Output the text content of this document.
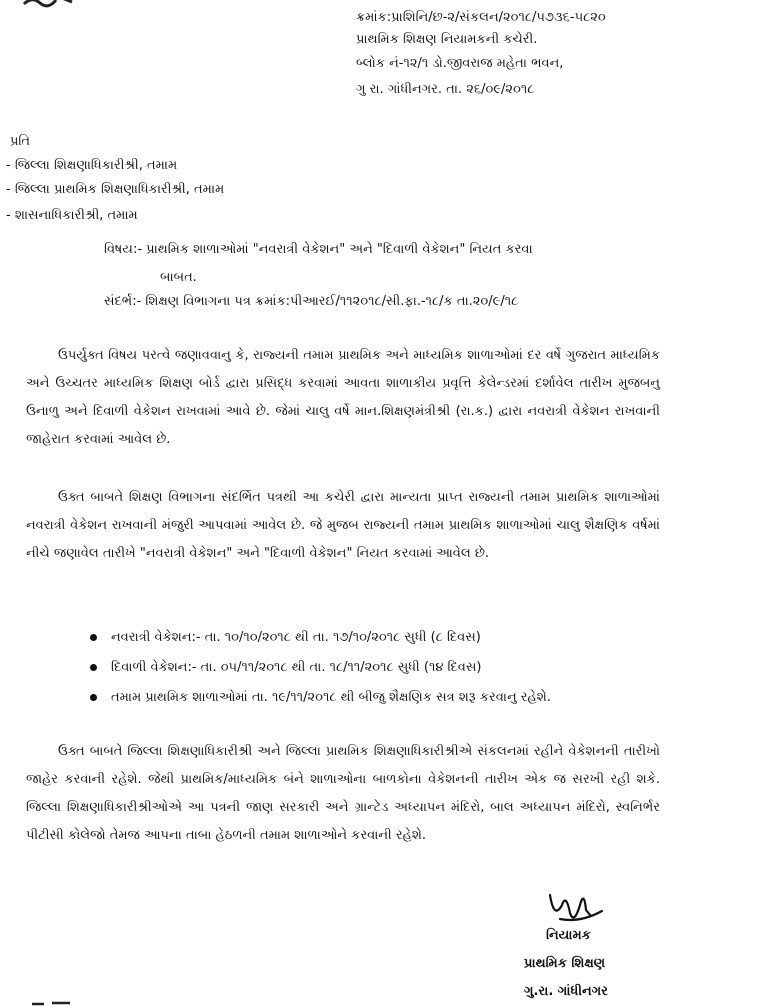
ક્રમાંક:પ્રાશિનિ/છ-૨/સંકલન/૨૦૧૮/૫૭૩૬-૫૮૨૦
પ્રાથમિક શિક્ષણ નિયામકની કચેરી.
બ્લોક નં-૧૨/૧ ડો.જીવરાજ મહેતા ભવન,
ગુ રા. ગાંધીનગર. તા. ૨૬/૦૯/૨૦૧૮
પ્રતિ
- જિલ્લા શિક્ષણાધિકારીશ્રી, તમામ
- જિલ્લા પ્રાથમિક શિક્ષણાધિકારીશ્રી, તમામ
- શાસનાધિકારીશ્રી, તમામ
વિષય:- પ્રાથમિક શાળાઓમાં "નવરાત્રી વેકેશન" અને "દિવાળી વેકેશન" નિયત કરવા
બાબત.
સંદર્ભ:- શિક્ષણ વિભાગના પત્ર ક્રમાંક:પીઆરઈ/૧૧૨૦૧૮/સી.ફા.-૧૮/ક તા.૨૦/૯/૧૮
ઉપર્યુક્ત વિષય પરત્વે જણાવવાનુ કે, રાજ્યની તમામ પ્રાથમિક અને માધ્યમિક શાળાઓમાં દર વર્ષે ગુજરાત માધ્યમિક અને ઉચ્ચતર માધ્યમિક શિક્ષણ બોર્ડ દ્વારા પ્રસિદ્ધ કરવામાં આવતા શાળાકીય પ્રવૃત્તિ કેલેન્ડરમાં દર્શાવેલ તારીખ મુજબનુ ઉનાળુ અને દિવાળી વેકેશન રાખવામાં આવે છે. જેમાં ચાલુ વર્ષે માન.શિક્ષણમંત્રીશ્રી (રા.ક.) દ્વારા નવરાત્રી વેકેશન રાખવાની જાહેરાત કરવામાં આવેલ છે.
ઉક્ત બાબતે શિક્ષણ વિભાગના સંદર્ભિત પત્રથી આ કચેરી દ્વારા માન્યતા પ્રાપ્ત રાજ્યની તમામ પ્રાથમિક શાળાઓમાં નવરાત્રી વેકેશન રાખવાની મંજુરી આપવામાં આવેલ છે. જે મુજબ રાજ્યની તમામ પ્રાથમિક શાળાઓમાં ચાલુ શૈક્ષણિક વર્ષમાં નીચે જણાવેલ તારીખે "નવરાત્રી વેકેશન" અને "દિવાળી વેકેશન" નિયત કરવામાં આવેલ છે.
નવરાત્રી વેકેશન:- તા. ૧૦/૧૦/૨૦૧૮ થી તા. ૧૭/૧૦/૨૦૧૮ સુધી (૮ દિવસ)
દિવાળી વેકેશન:- તા. ૦૫/૧૧/૨૦૧૮ થી તા. ૧૮/૧૧/૨૦૧૮ સુધી (૧૪ દિવસ)
તમામ પ્રાથમિક શાળાઓમાં તા. ૧૯/૧૧/૨૦૧૮ થી બીજુ શૈક્ષણિક સત્ર શરૂ કરવાનુ રહેશે.
ઉક્ત બાબતે જિલ્લા શિક્ષણાધિકારીશ્રી અને જિલ્લા પ્રાથમિક શિક્ષણાધિકારીશ્રીએ સંકલનમાં રહીને વેકેશનની તારીખો જાહેર કરવાની રહેશે. જેથી પ્રાથમિક/માધ્યમિક બંને શાળાઓના બાળકોના વેકેશનની તારીખ એક જ સરખી રહી શકે. જિલ્લા શિક્ષણાધિકારીશ્રીઓએ આ પત્રની જાણ સરકારી અને ગ્રાન્ટેડ અધ્યાપન મંદિરો, બાલ અધ્યાપન મંદિરો, સ્વનિર્ભર પીટીસી કોલેજો તેમજ આપના તાબા હેઠળની તમામ શાળાઓને કરવાની રહેશે.
નિયામક
પ્રાથમિક શિક્ષણ
ગુ.રા. ગાંધીનગર
